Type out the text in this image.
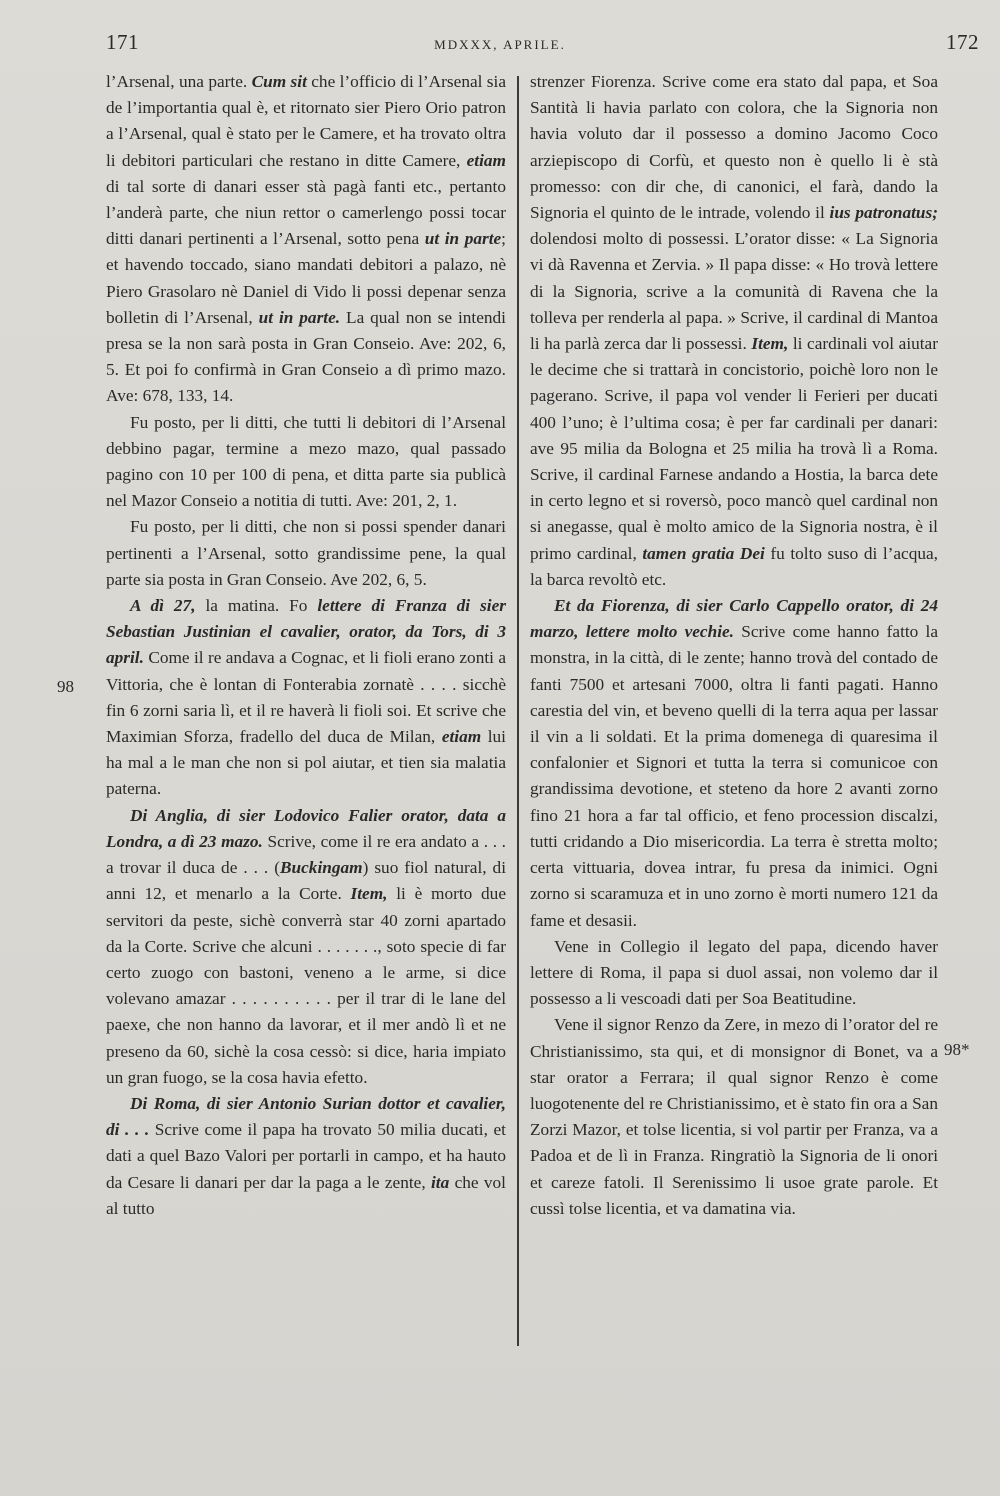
171	MDXXX, APRILE.	172
98
98*

l’Arsenal, una parte. Cum sit che l’officio di l’Arsenal sia de l’importantia qual è, et ritornato sier Piero Orio patron a l’Arsenal, qual è stato per le Camere, et ha trovato oltra li debitori particulari che restano in ditte Camere, etiam di tal sorte di danari esser stà pagà fanti etc., pertanto l’anderà parte, che niun rettor o camerlengo possi tocar ditti danari pertinenti a l’Arsenal, sotto pena ut in parte; et havendo toccado, siano mandati debitori a palazo, nè Piero Grasolaro nè Daniel di Vido li possi depenar senza bolletin di l’Arsenal, ut in parte. La qual non se intendi presa se la non sarà posta in Gran Conseio. Ave: 202, 6, 5. Et poi fo confirmà in Gran Conseio a dì primo mazo. Ave: 678, 133, 14.

Fu posto, per li ditti, che tutti li debitori di l’Arsenal debbino pagar, termine a mezo mazo, qual passado pagino con 10 per 100 di pena, et ditta parte sia publicà nel Mazor Conseio a notitia di tutti. Ave: 201, 2, 1.

Fu posto, per li ditti, che non si possi spender danari pertinenti a l’Arsenal, sotto grandissime pene, la qual parte sia posta in Gran Conseio. Ave 202, 6, 5.

A dì 27, la matina. Fo lettere di Franza di sier Sebastian Justinian el cavalier, orator, da Tors, di 3 april. Come il re andava a Cognac, et li fioli erano zonti a Vittoria, che è lontan di Fonterabia zornatè . . . . sicchè fin 6 zorni saria lì, et il re haverà li fioli soi. Et scrive che Maximian Sforza, fradello del duca de Milan, etiam lui ha mal a le man che non si pol aiutar, et tien sia malatia paterna.

Di Anglia, di sier Lodovico Falier orator, data a Londra, a dì 23 mazo. Scrive, come il re era andato a . . . a trovar il duca de . . . (Buckingam) suo fiol natural, di anni 12, et menarlo a la Corte. Item, li è morto due servitori da peste, sichè converrà star 40 zorni apartado da la Corte. Scrive che alcuni . . . . . . ., soto specie di far certo zuogo con bastoni, veneno a le arme, si dice volevano amazar . . . . . . . . . . per il trar di le lane del paexe, che non hanno da lavorar, et il mer andò lì et ne preseno da 60, sichè la cosa cessò: si dice, haria impiato un gran fuogo, se la cosa havia efetto.

Di Roma, di sier Antonio Surian dottor et cavalier, di . . . Scrive come il papa ha trovato 50 milia ducati, et dati a quel Bazo Valori per portarli in campo, et ha hauto da Cesare li danari per dar la paga a le zente, ita che vol al tutto

strenzer Fiorenza. Scrive come era stato dal papa, et Soa Santità li havia parlato con colora, che la Signoria non havia voluto dar il possesso a domino Jacomo Coco arziepiscopo di Corfù, et questo non è quello li è stà promesso: con dir che, di canonici, el farà, dando la Signoria el quinto de le intrade, volendo il ius patronatus; dolendosi molto di possessi. L’orator disse: « La Signoria vi dà Ravenna et Zervia. » Il papa disse: « Ho trovà lettere di la Signoria, scrive a la comunità di Ravena che la tolleva per renderla al papa. » Scrive, il cardinal di Mantoa li ha parlà zerca dar li possessi. Item, li cardinali vol aiutar le decime che si trattarà in concistorio, poichè loro non le pagerano. Scrive, il papa vol vender li Ferieri per ducati 400 l’uno; è l’ultima cosa; è per far cardinali per danari: ave 95 milia da Bologna et 25 milia ha trovà lì a Roma. Scrive, il cardinal Farnese andando a Hostia, la barca dete in certo legno et si roversò, poco mancò quel cardinal non si anegasse, qual è molto amico de la Signoria nostra, è il primo cardinal, tamen gratia Dei fu tolto suso di l’acqua, la barca revoltò etc.

Et da Fiorenza, di sier Carlo Cappello orator, di 24 marzo, lettere molto vechie. Scrive come hanno fatto la monstra, in la città, di le zente; hanno trovà del contado de fanti 7500 et artesani 7000, oltra li fanti pagati. Hanno carestia del vin, et beveno quelli di la terra aqua per lassar il vin a li soldati. Et la prima domenega di quaresima il confalonier et Signori et tutta la terra si comunicoe con grandissima devotione, et steteno da hore 2 avanti zorno fino 21 hora a far tal officio, et feno procession discalzi, tutti cridando a Dio misericordia. La terra è stretta molto; certa vittuaria, dovea intrar, fu presa da inimici. Ogni zorno si scaramuza et in uno zorno è morti numero 121 da fame et desasii.

Vene in Collegio il legato del papa, dicendo haver lettere di Roma, il papa si duol assai, non volemo dar il possesso a li vescoadi dati per Soa Beatitudine.

Vene il signor Renzo da Zere, in mezo di l’orator del re Christianissimo, sta qui, et di monsignor di Bonet, va a star orator a Ferrara; il qual signor Renzo è come luogotenente del re Christianissimo, et è stato fin ora a San Zorzi Mazor, et tolse licentia, si vol partir per Franza, va a Padoa et de lì in Franza. Ringratiò la Signoria de li onori et careze fatoli. Il Serenissimo li usoe grate parole. Et cussì tolse licentia, et va damatina via.
